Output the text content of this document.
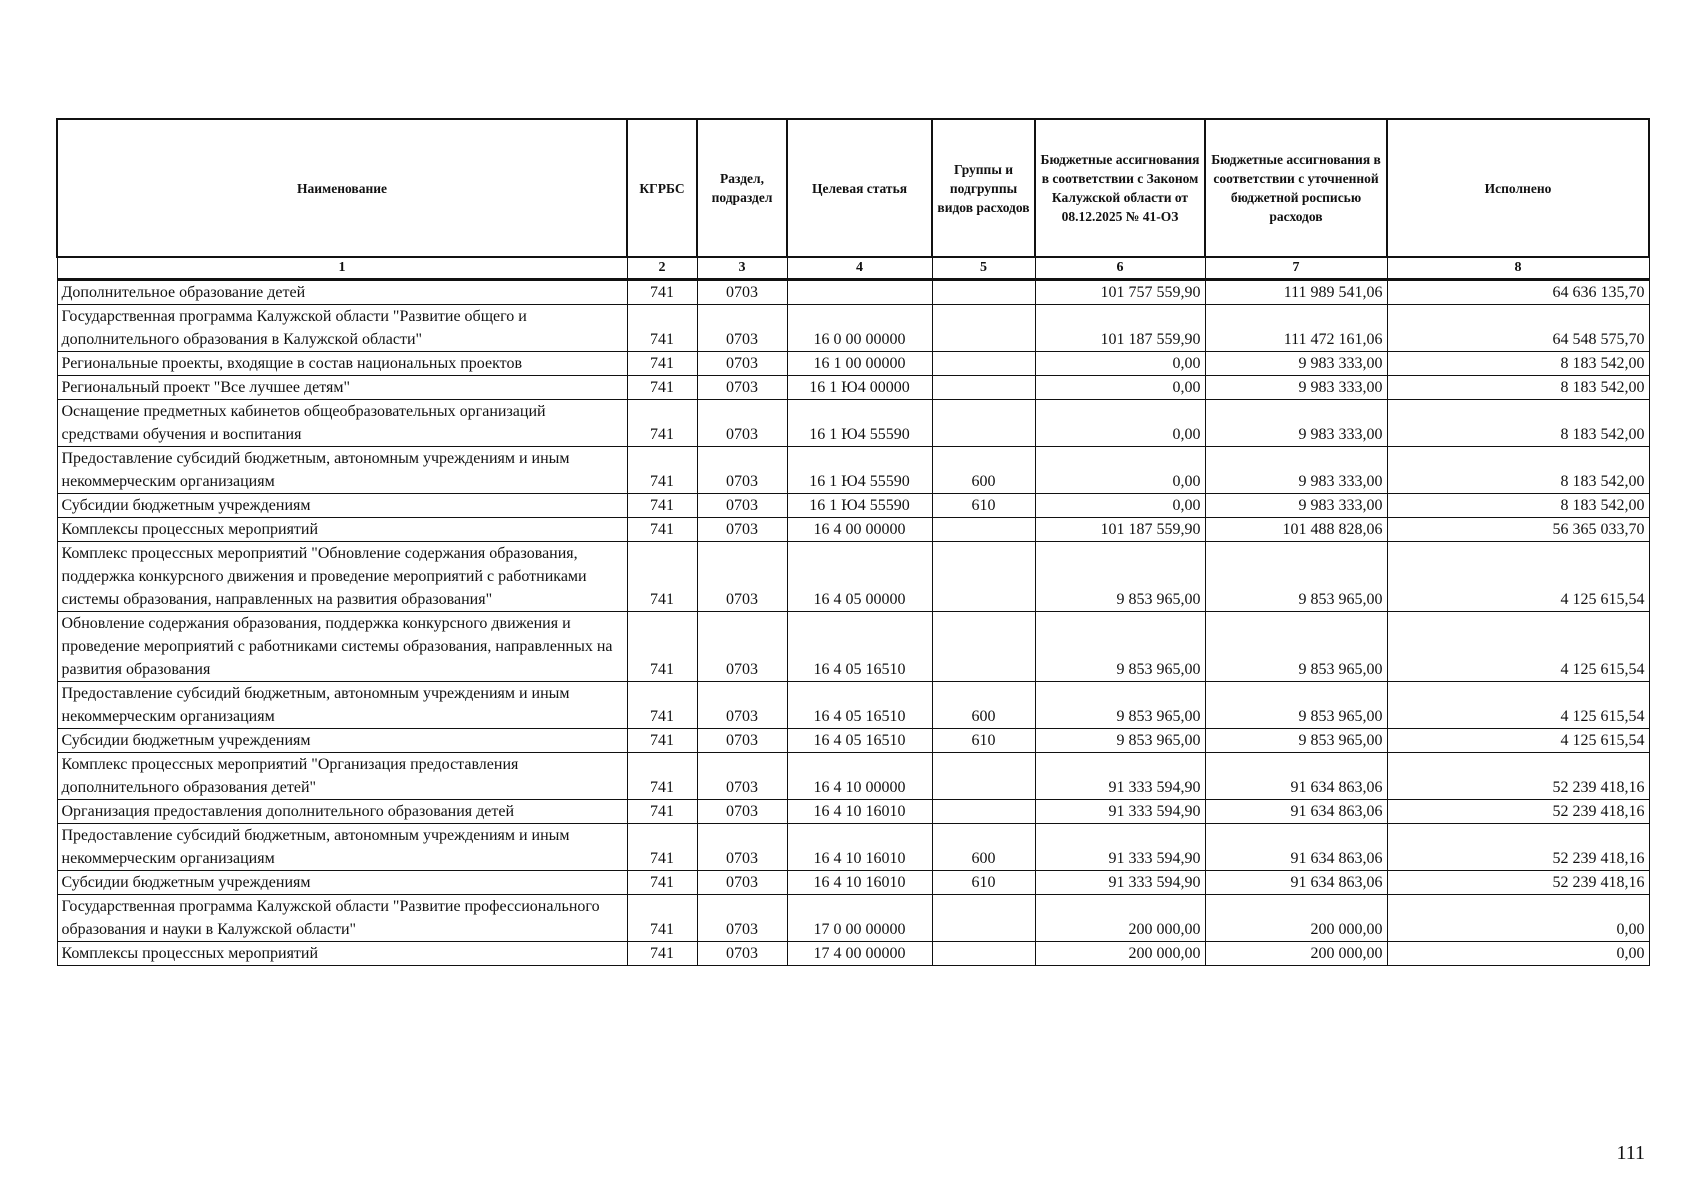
Наименование	КГРБС	Раздел, подраздел	Целевая статья	Группы и подгруппы видов расходов	Бюджетные ассигнования в соответствии с Законом Калужской области от 08.12.2025 № 41-ОЗ	Бюджетные ассигнования в соответствии с уточненной бюджетной росписью расходов	Исполнено
1	2	3	4	5	6	7	8
Дополнительное образование детей	741	0703			101 757 559,90	111 989 541,06	64 636 135,70
Государственная программа Калужской области "Развитие общего и дополнительного образования в Калужской области"	741	0703	16 0 00 00000		101 187 559,90	111 472 161,06	64 548 575,70
Региональные проекты, входящие в состав национальных проектов	741	0703	16 1 00 00000		0,00	9 983 333,00	8 183 542,00
Региональный проект "Все лучшее детям"	741	0703	16 1 Ю4 00000		0,00	9 983 333,00	8 183 542,00
Оснащение предметных кабинетов общеобразовательных организаций средствами обучения и воспитания	741	0703	16 1 Ю4 55590		0,00	9 983 333,00	8 183 542,00
Предоставление субсидий бюджетным, автономным учреждениям и иным некоммерческим организациям	741	0703	16 1 Ю4 55590	600	0,00	9 983 333,00	8 183 542,00
Субсидии бюджетным учреждениям	741	0703	16 1 Ю4 55590	610	0,00	9 983 333,00	8 183 542,00
Комплексы процессных мероприятий	741	0703	16 4 00 00000		101 187 559,90	101 488 828,06	56 365 033,70
Комплекс процессных мероприятий "Обновление содержания образования, поддержка конкурсного движения и проведение мероприятий с работниками системы образования, направленных на развития образования"	741	0703	16 4 05 00000		9 853 965,00	9 853 965,00	4 125 615,54
Обновление содержания образования, поддержка конкурсного движения и проведение мероприятий с работниками системы образования, направленных на развития образования	741	0703	16 4 05 16510		9 853 965,00	9 853 965,00	4 125 615,54
Предоставление субсидий бюджетным, автономным учреждениям и иным некоммерческим организациям	741	0703	16 4 05 16510	600	9 853 965,00	9 853 965,00	4 125 615,54
Субсидии бюджетным учреждениям	741	0703	16 4 05 16510	610	9 853 965,00	9 853 965,00	4 125 615,54
Комплекс процессных мероприятий "Организация предоставления дополнительного образования детей"	741	0703	16 4 10 00000		91 333 594,90	91 634 863,06	52 239 418,16
Организация предоставления дополнительного образования детей	741	0703	16 4 10 16010		91 333 594,90	91 634 863,06	52 239 418,16
Предоставление субсидий бюджетным, автономным учреждениям и иным некоммерческим организациям	741	0703	16 4 10 16010	600	91 333 594,90	91 634 863,06	52 239 418,16
Субсидии бюджетным учреждениям	741	0703	16 4 10 16010	610	91 333 594,90	91 634 863,06	52 239 418,16
Государственная программа Калужской области "Развитие профессионального образования и науки в Калужской области"	741	0703	17 0 00 00000		200 000,00	200 000,00	0,00
Комплексы процессных мероприятий	741	0703	17 4 00 00000		200 000,00	200 000,00	0,00
111
